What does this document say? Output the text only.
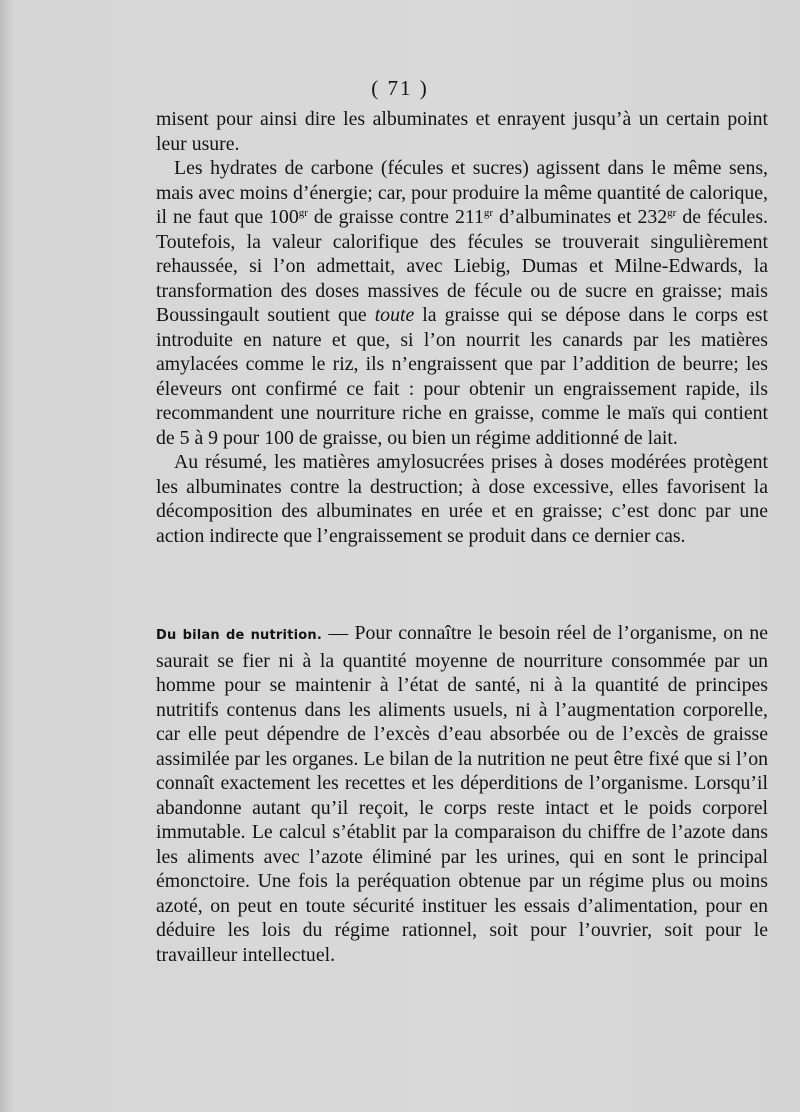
( 71 )

misent pour ainsi dire les albuminates et enrayent jusqu’à un certain point leur usure.

Les hydrates de carbone (fécules et sucres) agissent dans le même sens, mais avec moins d’énergie; car, pour produire la même quantité de calorique, il ne faut que $100^{gr}$ de graisse contre $211^{gr}$ d’albuminates et $232^{gr}$ de fécules. Toutefois, la valeur calorifique des fécules se trouverait singulièrement rehaussée, si l’on admettait, avec Liebig, Dumas et Milne-Edwards, la transformation des doses massives de fécule ou de sucre en graisse; mais Boussingault soutient que toute la graisse qui se dépose dans le corps est introduite en nature et que, si l’on nourrit les canards par les matières amylacées comme le riz, ils n’engraissent que par l’addition de beurre; les éleveurs ont confirmé ce fait : pour obtenir un engraissement rapide, ils recommandent une nourriture riche en graisse, comme le maïs qui contient de 5 à 9 pour 100 de graisse, ou bien un régime additionné de lait.

Au résumé, les matières amylosucrées prises à doses modérées protègent les albuminates contre la destruction; à dose excessive, elles favorisent la décomposition des albuminates en urée et en graisse; c’est donc par une action indirecte que l’engraissement se produit dans ce dernier cas.

Du bilan de nutrition. — Pour connaître le besoin réel de l’organisme, on ne saurait se fier ni à la quantité moyenne de nourriture consommée par un homme pour se maintenir à l’état de santé, ni à la quantité de principes nutritifs contenus dans les aliments usuels, ni à l’augmentation corporelle, car elle peut dépendre de l’excès d’eau absorbée ou de l’excès de graisse assimilée par les organes. Le bilan de la nutrition ne peut être fixé que si l’on connaît exactement les recettes et les déperditions de l’organisme. Lorsqu’il abandonne autant qu’il reçoit, le corps reste intact et le poids corporel immutable. Le calcul s’établit par la comparaison du chiffre de l’azote dans les aliments avec l’azote éliminé par les urines, qui en sont le principal émonctoire. Une fois la peréquation obtenue par un régime plus ou moins azoté, on peut en toute sécurité instituer les essais d’alimentation, pour en déduire les lois du régime rationnel, soit pour l’ouvrier, soit pour le travailleur intellectuel.
